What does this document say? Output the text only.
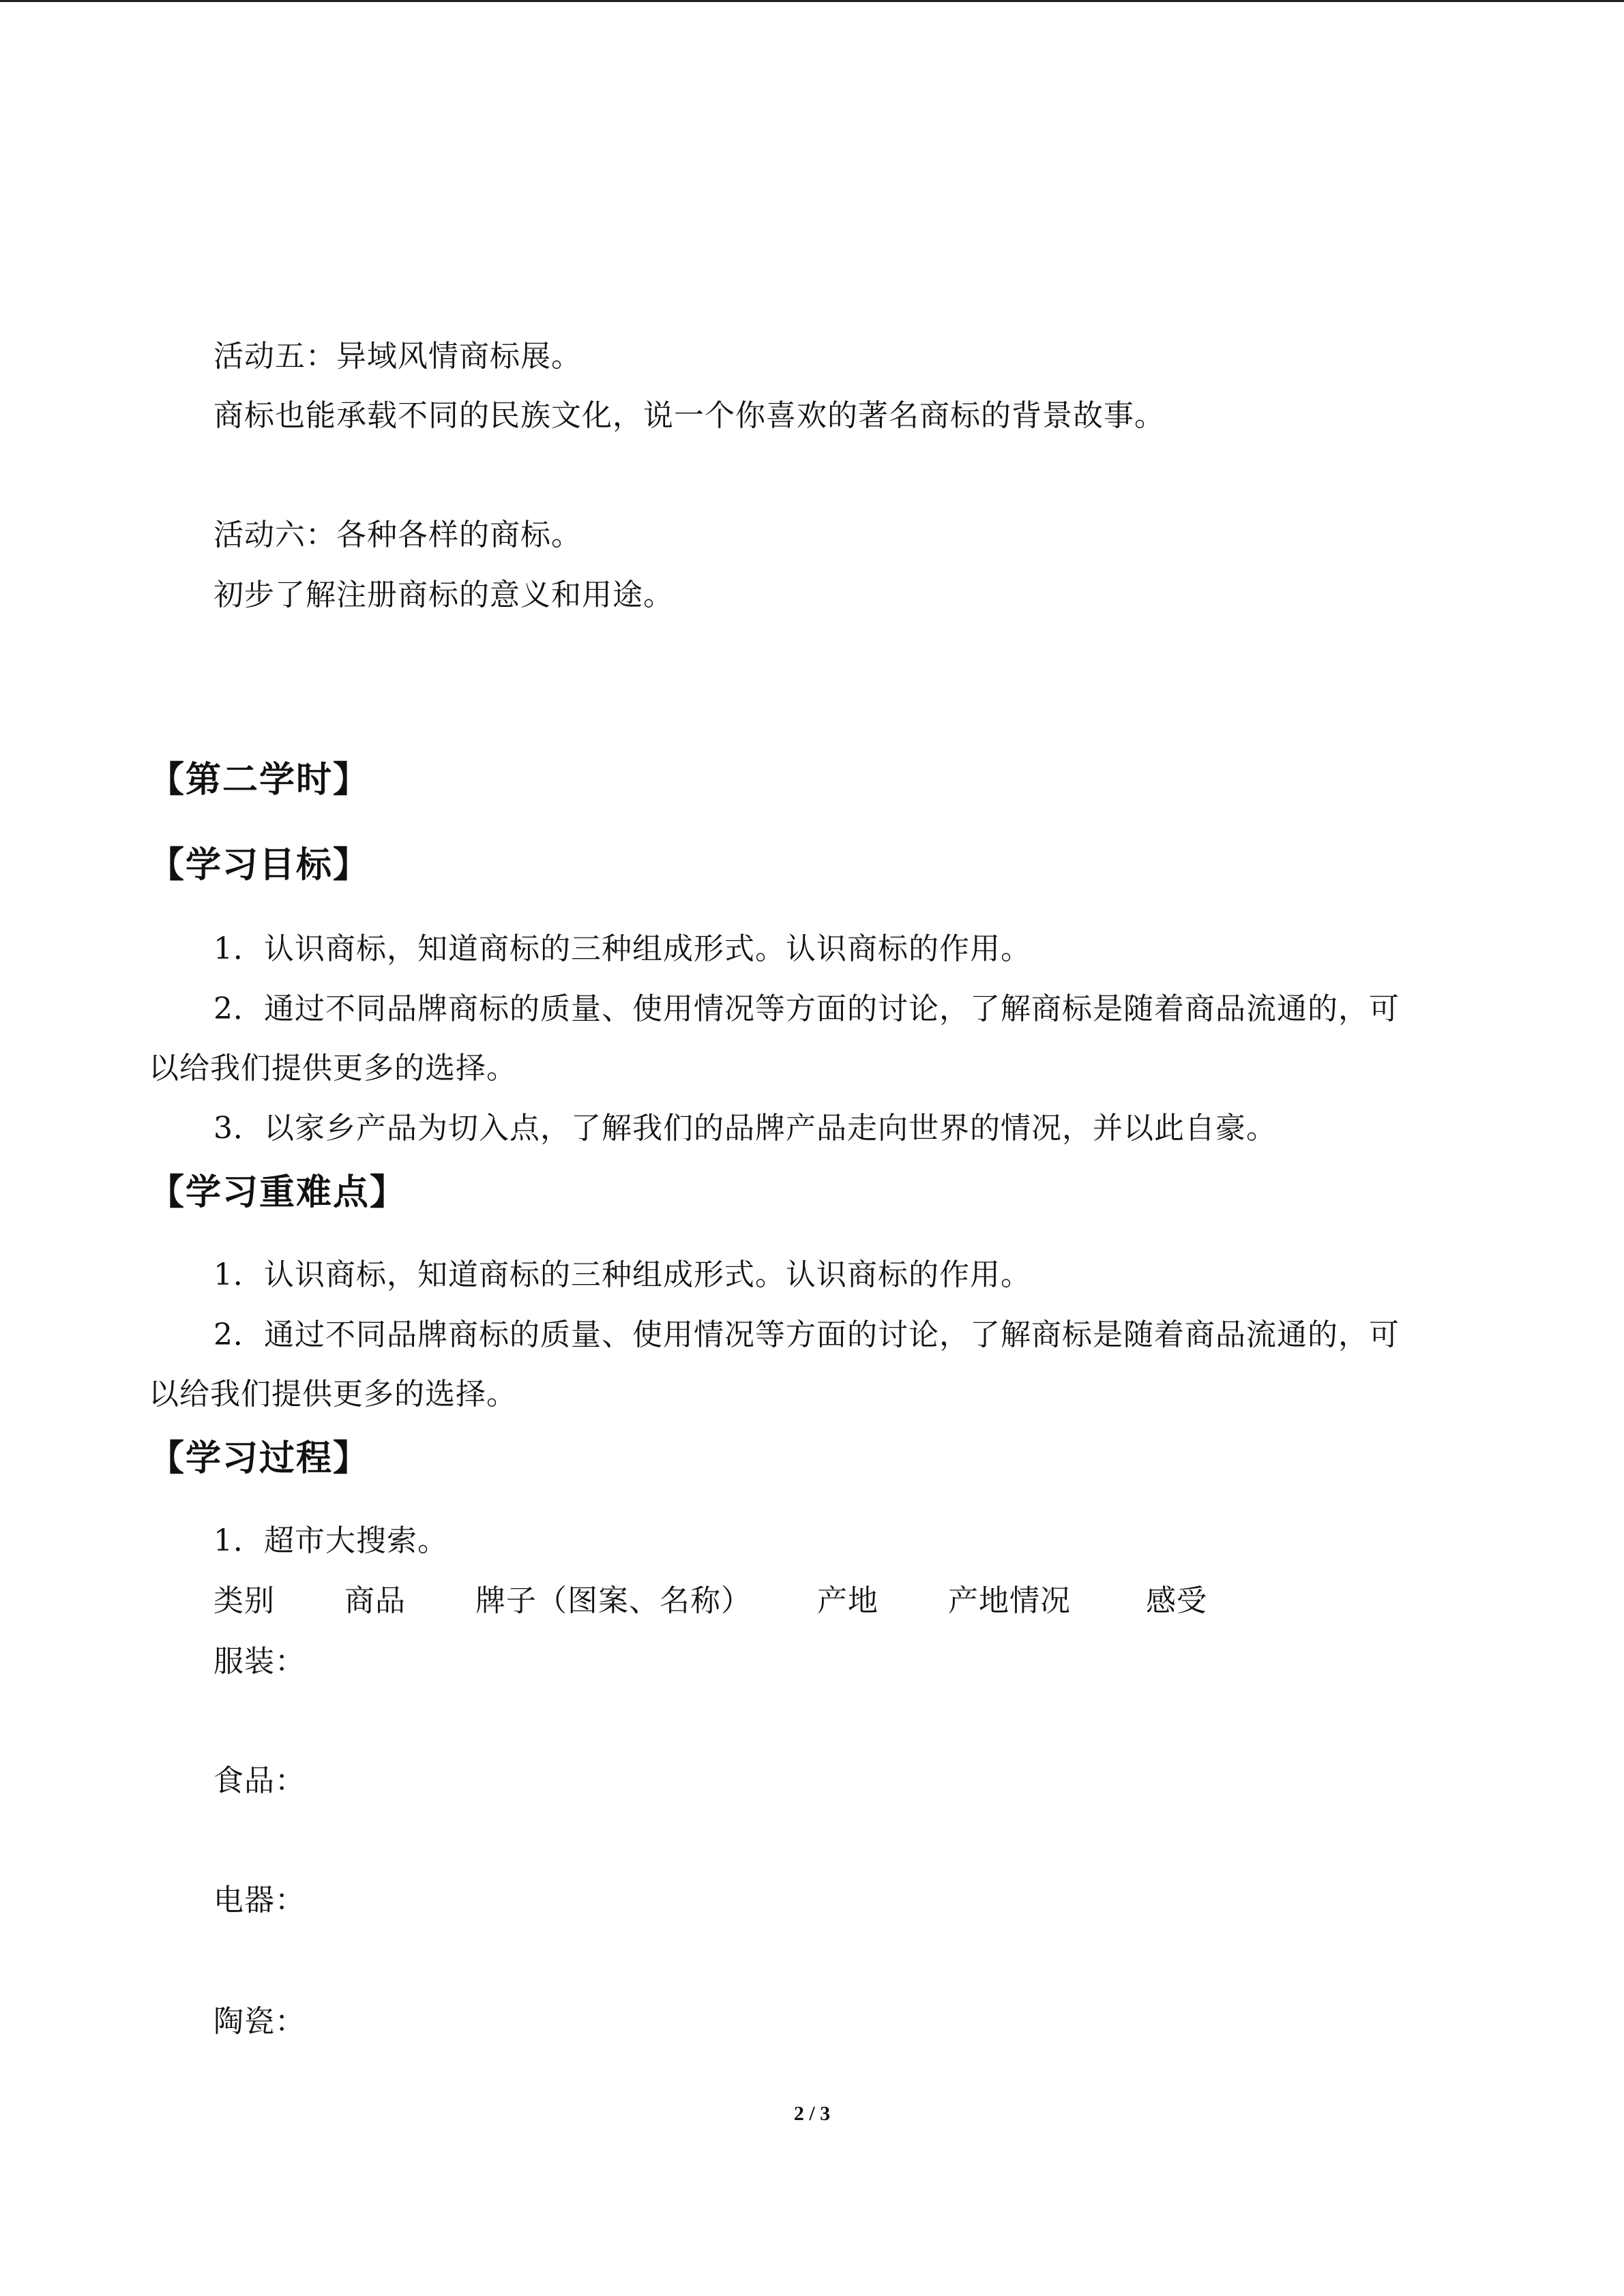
活动五：异域风情商标展。
商标也能承载不同的民族文化，说一个你喜欢的著名商标的背景故事。
活动六：各种各样的商标。
初步了解注册商标的意义和用途。
【第二学时】
【学习目标】
1．认识商标，知道商标的三种组成形式。认识商标的作用。
2．通过不同品牌商标的质量、使用情况等方面的讨论，了解商标是随着商品流通的，可
以给我们提供更多的选择。
3．以家乡产品为切入点，了解我们的品牌产品走向世界的情况，并以此自豪。
【学习重难点】
1．认识商标，知道商标的三种组成形式。认识商标的作用。
2．通过不同品牌商标的质量、使用情况等方面的讨论，了解商标是随着商品流通的，可
以给我们提供更多的选择。
【学习过程】
1．超市大搜索。
类别 商品 牌子（图案、名称） 产地 产地情况	感受
服装：
食品：
电器：
陶瓷：
2 / 3
